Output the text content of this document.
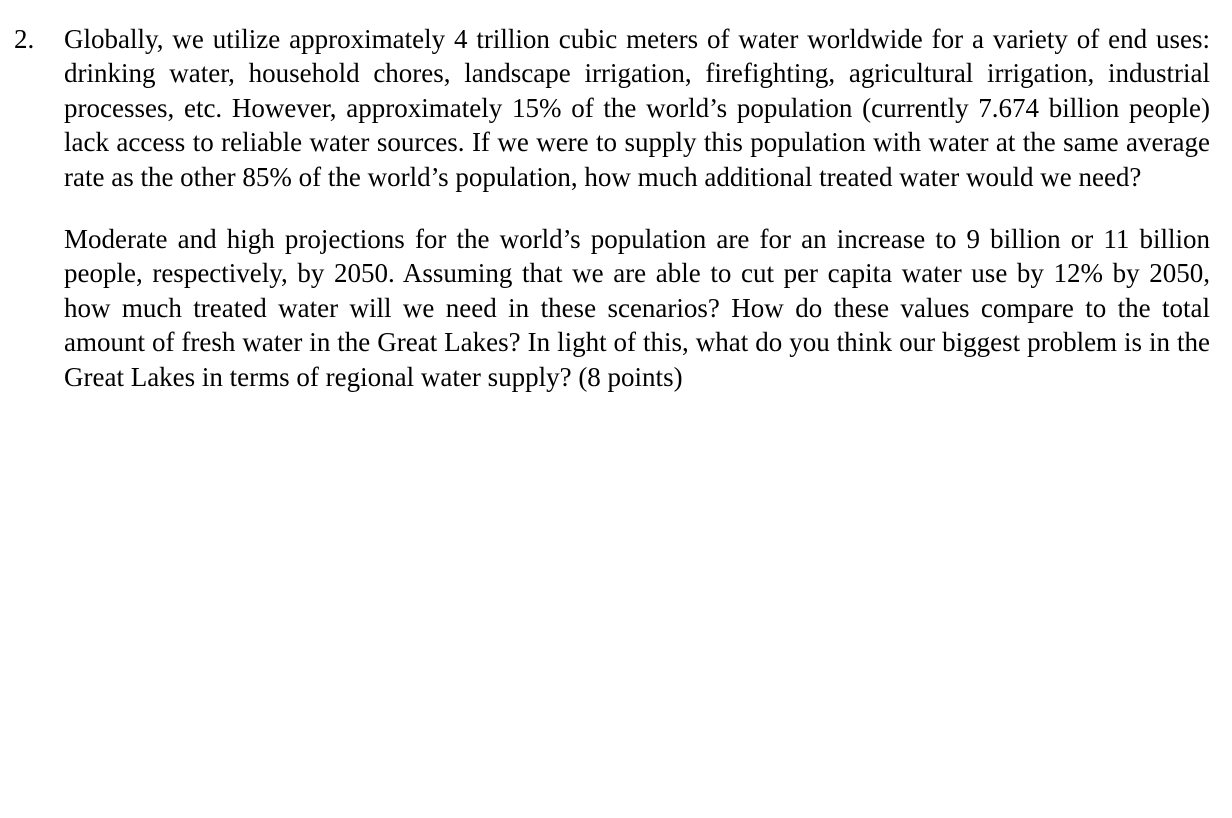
2. Globally, we utilize approximately 4 trillion cubic meters of water worldwide for a variety of end uses: drinking water, household chores, landscape irrigation, firefighting, agricultural irrigation, industrial processes, etc. However, approximately 15% of the world’s population (currently 7.674 billion people) lack access to reliable water sources. If we were to supply this population with water at the same average rate as the other 85% of the world’s population, how much additional treated water would we need?

Moderate and high projections for the world’s population are for an increase to 9 billion or 11 billion people, respectively, by 2050. Assuming that we are able to cut per capita water use by 12% by 2050, how much treated water will we need in these scenarios? How do these values compare to the total amount of fresh water in the Great Lakes? In light of this, what do you think our biggest problem is in the Great Lakes in terms of regional water supply? (8 points)
